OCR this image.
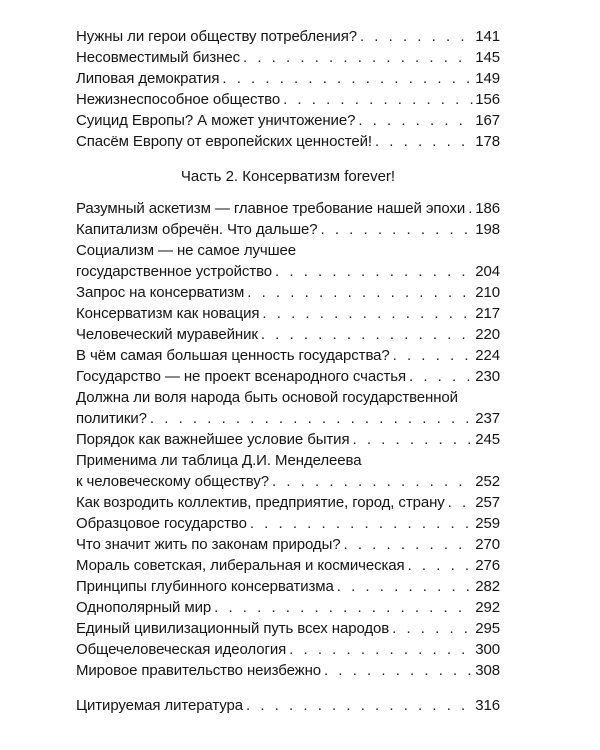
Нужны ли герои обществу потребления? . . .	141
Несовместимый бизнес . . .	145
Липовая демократия . . .	149
Нежизнеспособное общество . . .	156
Суицид Европы? А может уничтожение? . . .	167
Спасём Европу от европейских ценностей! . . .	178
Часть 2. Консерватизм forever!
Разумный аскетизм — главное требование нашей эпохи . . . 186
Капитализм обречён. Что дальше? . . .	198
Социализм — не самое лучшее
государственное устройство . . .	204
Запрос на консерватизм . . .	210
Консерватизм как новация . . .	217
Человеческий муравейник . . .	220
В чём самая большая ценность государства? . . .	224
Государство — не проект всенародного счастья . . .	230
Должна ли воля народа быть основой государственной
политики? . . .	237
Порядок как важнейшее условие бытия . . .	245
Применима ли таблица Д.И. Менделеева
к человеческому обществу? . . .	252
Как возродить коллектив, предприятие, город, страну . . . 257
Образцовое государство . . .	259
Что значит жить по законам природы? . . .	270
Мораль советская, либеральная и космическая . . .	276
Принципы глубинного консерватизма . . .	282
Однополярный мир . . .	292
Единый цивилизационный путь всех народов . . .	295
Общечеловеческая идеология . . .	300
Мировое правительство неизбежно . . .	308
Цитируемая литература . . .	316
